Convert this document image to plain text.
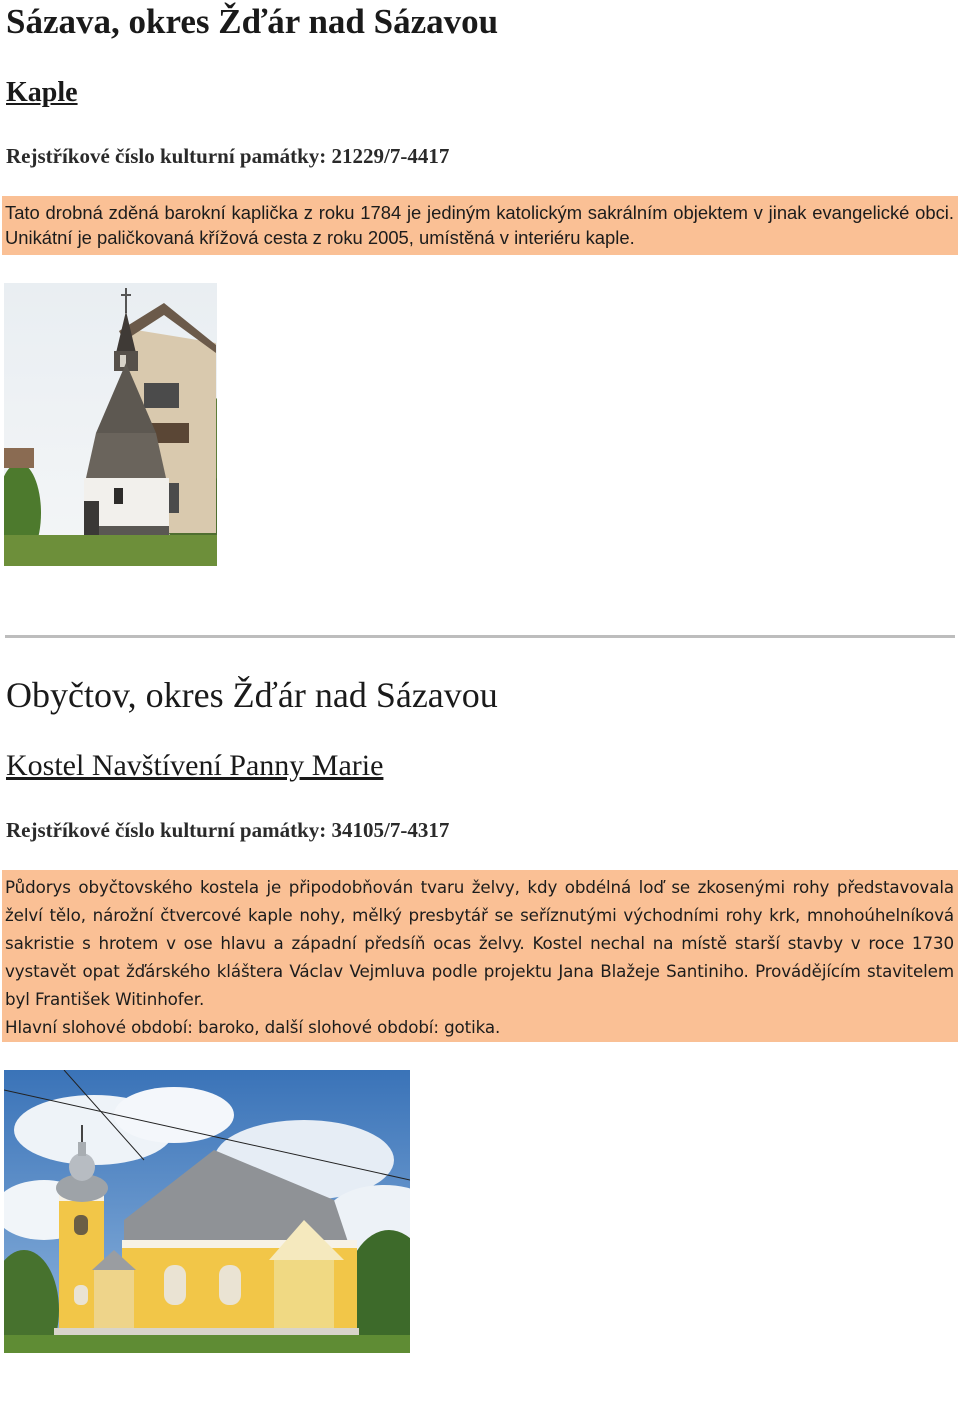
Sázava, okres Žďár nad Sázavou
Kaple

Rejstříkové číslo kulturní památky: 21229/7-4417

Tato drobná zděná barokní kaplička z roku 1784 je jediným katolickým sakrálním objektem v jinak evangelické obci. Unikátní je paličkovaná křížová cesta z roku 2005, umístěná v interiéru kaple.

Obyčtov, okres Žďár nad Sázavou
Kostel Navštívení Panny Marie

Rejstříkové číslo kulturní památky: 34105/7-4317

Půdorys obyčtovského kostela je připodobňován tvaru želvy, kdy obdélná loď se zkosenými rohy představovala želví tělo, nárožní čtvercové kaple nohy, mělký presbytář se seříznutými východními rohy krk, mnohoúhelníková sakristie s hrotem v ose hlavu a západní předsíň ocas želvy. Kostel nechal na místě starší stavby v roce 1730 vystavět opat žďárského kláštera Václav Vejmluva podle projektu Jana Blažeje Santiniho. Provádějícím stavitelem byl František Witinhofer.

Hlavní slohové období: baroko, další slohové období: gotika.
